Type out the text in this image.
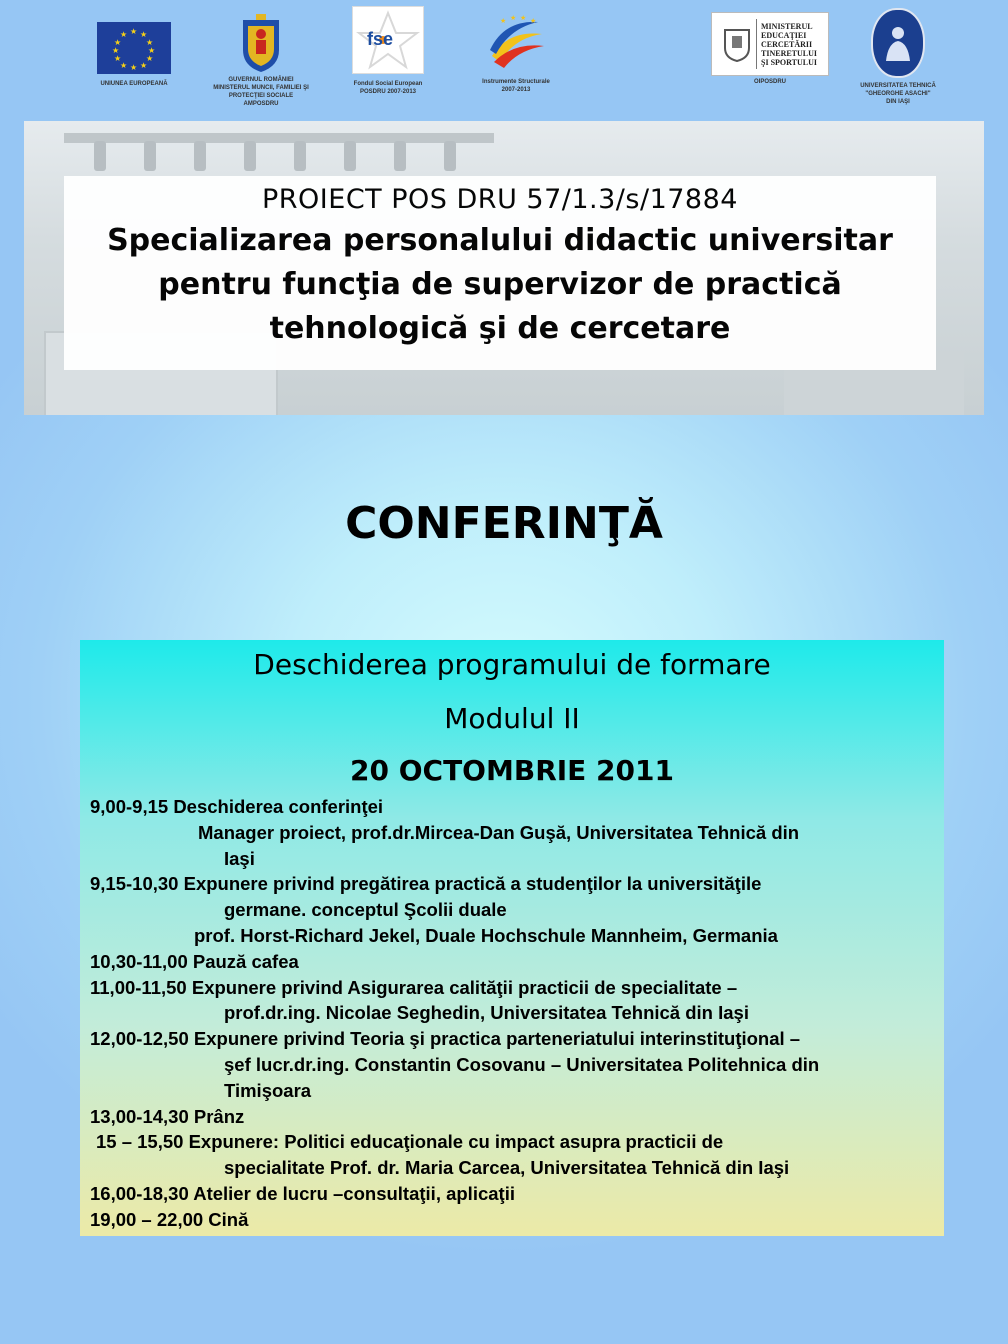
★ ★
★
★
★
★
★
★
★
★
★
★
UNIUNEA EUROPEANĂ
GUVERNUL ROMÂNIEI
MINISTERUL MUNCII, FAMILIEI ŞI
PROTECŢIEI SOCIALE
AMPOSDRU
fse
Fondul Social European
POSDRU 2007-2013
★ ★ ★
★
Instrumente Structurale
2007-2013
OIPOSDRU
MINISTERUL
EDUCAŢIEI
CERCETĂRII
TINERETULUI
ŞI SPORTULUI
UNIVERSITATEA TEHNICĂ
"GHEORGHE ASACHI"
DIN IAŞI
PROIECT POS DRU 57/1.3/s/17884
Specializarea personalului didactic universitar
pentru funcţia de supervizor de practică
tehnologică şi de cercetare
CONFERINŢĂ
Deschiderea programului de formare
Modulul II
20 OCTOMBRIE 2011
9,00-9,15 Deschiderea conferinţei
Manager proiect, prof.dr.Mircea-Dan Guşă, Universitatea Tehnică din
Iaşi
9,15-10,30 Expunere privind pregătirea practică a studenţilor la universităţile
germane. conceptul Şcolii duale
prof. Horst-Richard Jekel, Duale Hochschule Mannheim, Germania
10,30-11,00 Pauză cafea
11,00-11,50 Expunere privind Asigurarea calităţii practicii de specialitate –
prof.dr.ing. Nicolae Seghedin, Universitatea Tehnică din Iaşi
12,00-12,50 Expunere privind Teoria şi practica parteneriatului interinstituţional –
şef lucr.dr.ing. Constantin Cosovanu – Universitatea Politehnica din
Timişoara
13,00-14,30 Prânz
15 – 15,50 Expunere: Politici educaţionale cu impact asupra practicii de
specialitate Prof. dr. Maria Carcea, Universitatea Tehnică din Iaşi
16,00-18,30 Atelier de lucru –consultaţii, aplicaţii
19,00 – 22,00 Cină
